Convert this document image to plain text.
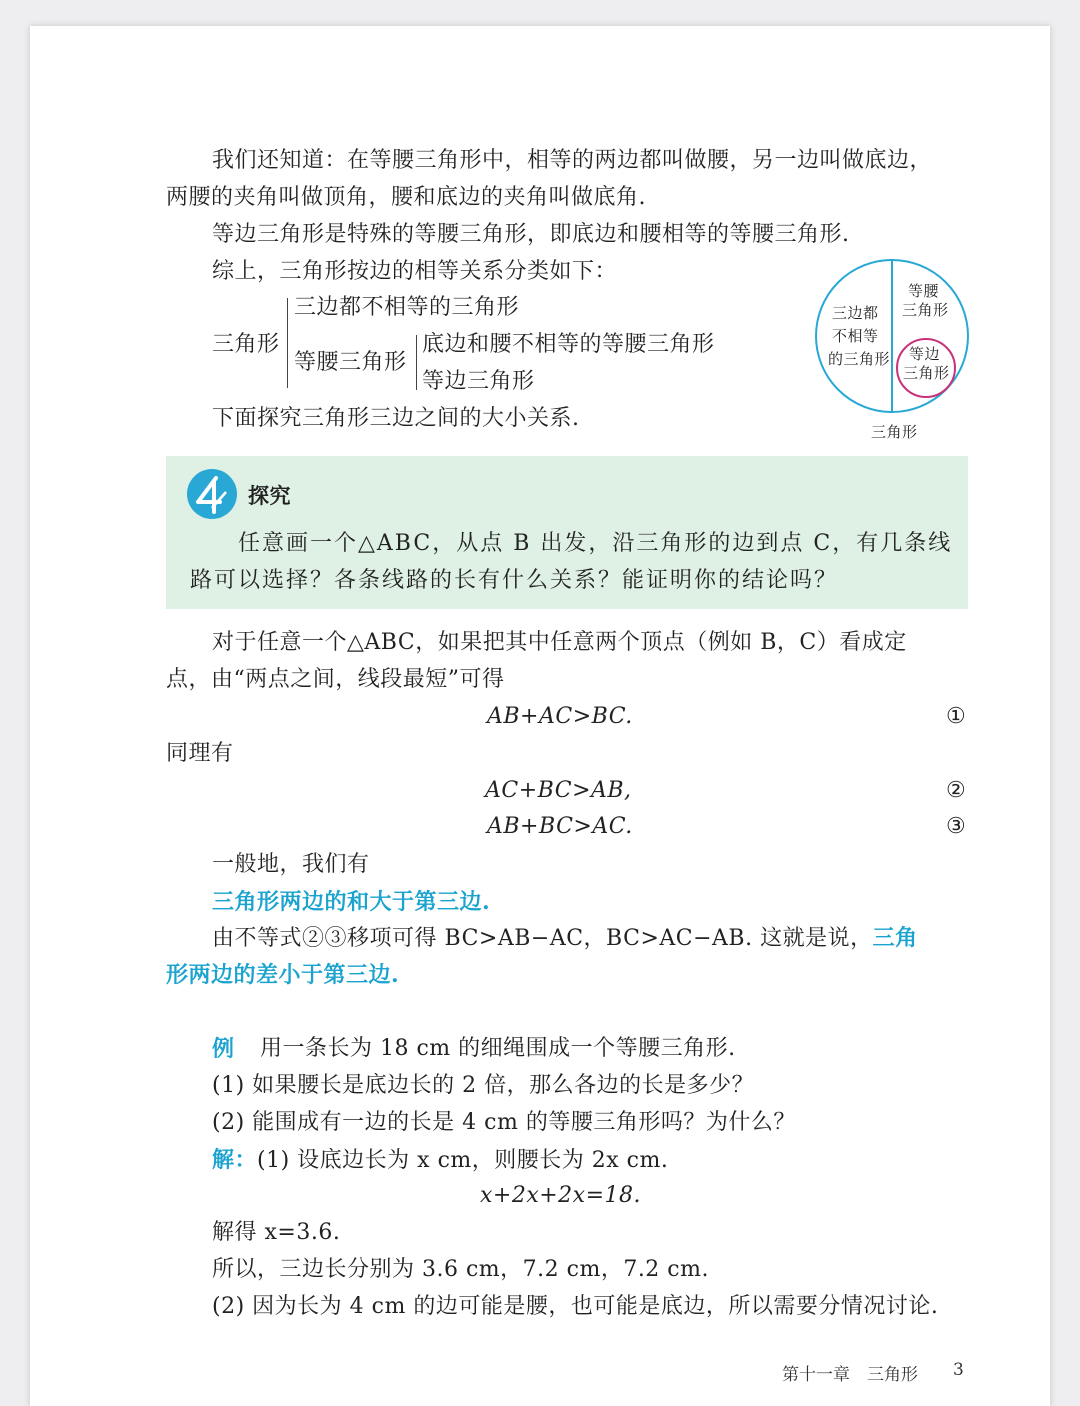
我们还知道：在等腰三角形中，相等的两边都叫做腰，另一边叫做底边，
两腰的夹角叫做顶角，腰和底边的夹角叫做底角.
等边三角形是特殊的等腰三角形，即底边和腰相等的等腰三角形.
综上，三角形按边的相等关系分类如下：
三角形
三边都不相等的三角形
等腰三角形
底边和腰不相等的等腰三角形
等边三角形
下面探究三角形三边之间的大小关系.
三边都
不相等
的三角形
等腰
三角形
等边
三角形
三角形
探究
任意画一个△ABC，从点 B 出发，沿三角形的边到点 C，有几条线
路可以选择？各条线路的长有什么关系？能证明你的结论吗？
对于任意一个△ABC，如果把其中任意两个顶点（例如 B，C）看成定
点，由“两点之间，线段最短”可得
AB+AC>BC.	①
同理有
AC+BC>AB,	②
AB+BC>AC.	③
一般地，我们有
三角形两边的和大于第三边.
由不等式②③移项可得 BC>AB−AC，BC>AC−AB. 这就是说，三角
形两边的差小于第三边.
例 用一条长为 18 cm 的细绳围成一个等腰三角形.
(1) 如果腰长是底边长的 2 倍，那么各边的长是多少？
(2) 能围成有一边的长是 4 cm 的等腰三角形吗？为什么？
解：(1) 设底边长为 x cm，则腰长为 2x cm.
x+2x+2x=18.
解得 x=3.6.
所以，三边长分别为 3.6 cm，7.2 cm，7.2 cm.
(2) 因为长为 4 cm 的边可能是腰，也可能是底边，所以需要分情况讨论.
第十一章　三角形 3
